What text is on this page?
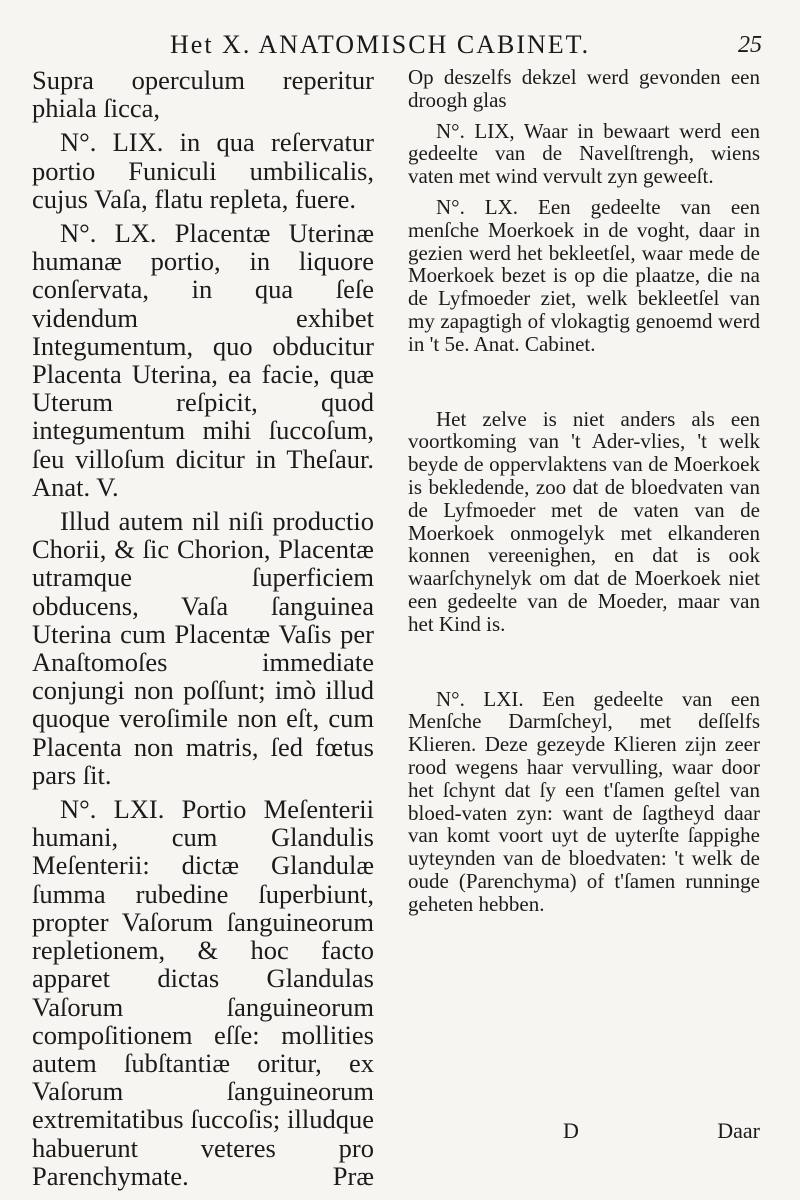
Het X. ANATOMISCH CABINET.	25

Supra operculum reperitur phiala ſicca,

N°. LIX. in qua reſervatur portio Funiculi umbilicalis, cujus Vaſa, flatu repleta, fuere.

N°. LX. Placentæ Uterinæ humanæ portio, in liquore conſervata, in qua ſeſe videndum exhibet Integumentum, quo obducitur Placenta Uterina, ea facie, quæ Uterum reſpicit, quod integumentum mihi ſuccoſum, ſeu villoſum dicitur in Theſaur. Anat. V.

Illud autem nil niſi productio Chorii, & ſic Chorion, Placentæ utramque ſuperficiem obducens, Vaſa ſanguinea Uterina cum Placentæ Vaſis per Anaſtomoſes immediate conjungi non poſſunt; imò illud quoque veroſimile non eſt, cum Placenta non matris, ſed fœtus pars ſit.

N°. LXI. Portio Meſenterii humani, cum Glandulis Meſenterii: dictæ Glandulæ ſumma rubedine ſuperbiunt, propter Vaſorum ſanguineorum repletionem, & hoc facto apparet dictas Glandulas Vaſorum ſanguineorum compoſitionem eſſe: mollities autem ſubſtantiæ oritur, ex Vaſorum ſanguineorum extremitatibus ſuccoſis; illudque habuerunt veteres pro Parenchymate.	Præ

Op deszelfs dekzel werd gevonden een droogh glas

N°. LIX, Waar in bewaart werd een gedeelte van de Navelſtrengh, wiens vaten met wind vervult zyn geweeſt.

N°. LX. Een gedeelte van een menſche Moerkoek in de voght, daar in gezien werd het bekleetſel, waar mede de Moerkoek bezet is op die plaatze, die na de Lyfmoeder ziet, welk bekleetſel van my zapagtigh of vlokagtig genoemd werd in 't 5e. Anat. Cabinet.

Het zelve is niet anders als een voortkoming van 't Ader-vlies, 't welk beyde de oppervlaktens van de Moerkoek is bekledende, zoo dat de bloedvaten van de Lyfmoeder met de vaten van de Moerkoek onmogelyk met elkanderen konnen vereenighen, en dat is ook waarſchynelyk om dat de Moerkoek niet een gedeelte van de Moeder, maar van het Kind is.

N°. LXI. Een gedeelte van een Menſche Darmſcheyl, met deſſelfs Klieren. Deze gezeyde Klieren zijn zeer rood wegens haar vervulling, waar door het ſchynt dat ſy een t'ſamen geſtel van bloed-vaten zyn: want de ſagtheyd daar van komt voort uyt de uyterſte ſappighe uyteynden van de bloedvaten: 't welk de oude (Parenchyma) of t'ſamen runninge geheten hebben.

D	Daar
